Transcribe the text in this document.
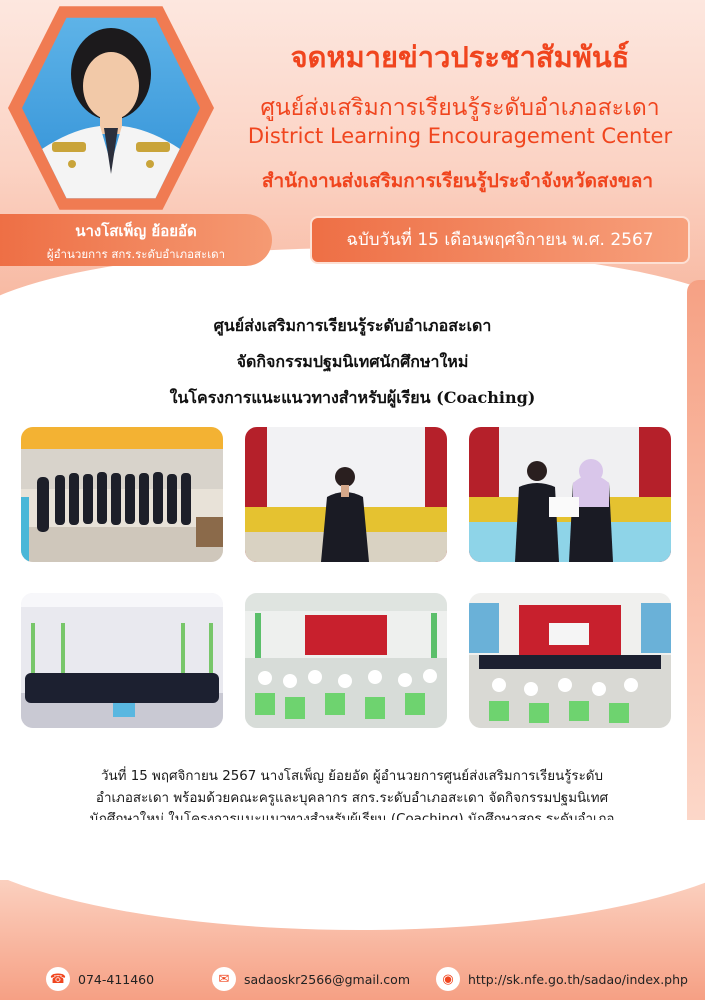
นางโสเพ็ญ ย้อยอัด
ผู้อำนวยการ สกร.ระดับอำเภอสะเดา
จดหมายข่าวประชาสัมพันธ์
ศูนย์ส่งเสริมการเรียนรู้ระดับอำเภอสะเดา
District Learning Encouragement Center
สำนักงานส่งเสริมการเรียนรู้ประจำจังหวัดสงขลา
ฉบับวันที่ 15 เดือนพฤศจิกายน พ.ศ. 2567
ศูนย์ส่งเสริมการเรียนรู้ระดับอำเภอสะเดา
จัดกิจกรรมปฐมนิเทศนักศึกษาใหม่
ในโครงการแนะแนวทางสำหรับผู้เรียน (Coaching)
วันที่ 15 พฤศจิกายน 2567 นางโสเพ็ญ ย้อยอัด ผู้อำนวยการศูนย์ส่งเสริมการเรียนรู้ระดับ
อำเภอสะเดา พร้อมด้วยคณะครูและบุคลากร สกร.ระดับอำเภอสะเดา จัดกิจกรรมปฐมนิเทศ
☎ 074-411460	✉	sadaoskr2566@gmail.com	◉	http://sk.nfe.go.th/sadao/index.php
